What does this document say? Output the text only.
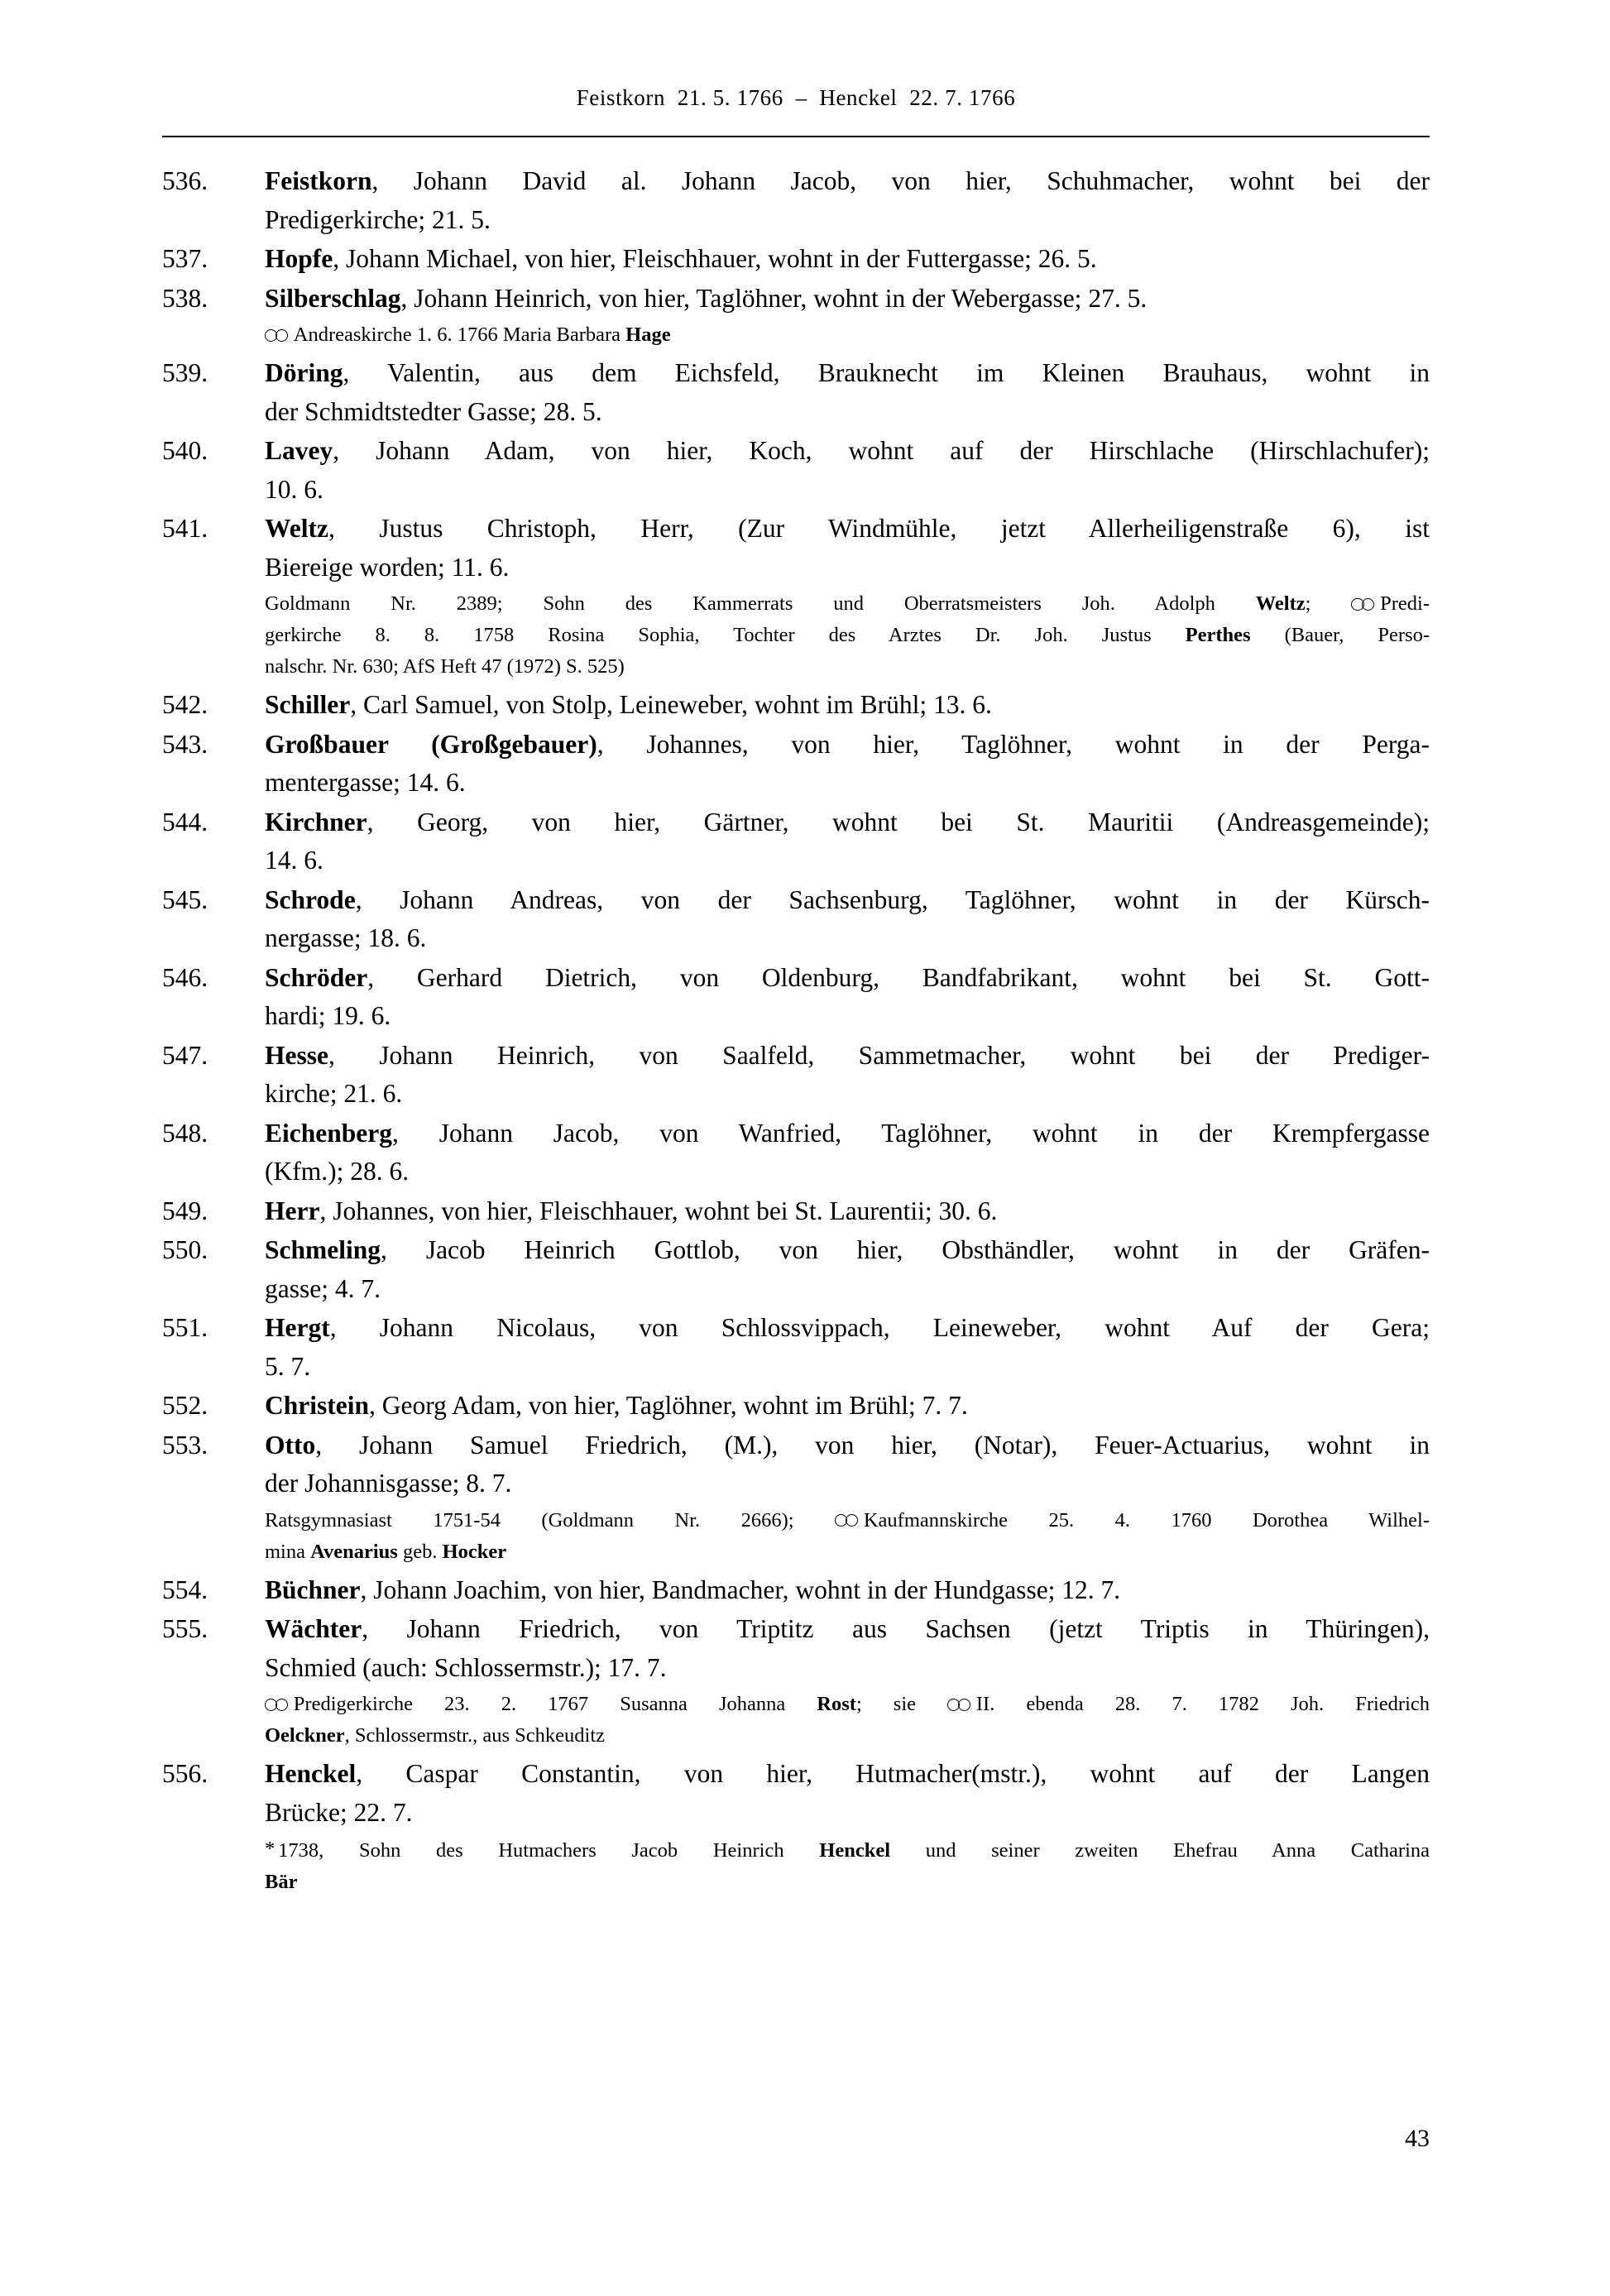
Feistkorn  21. 5. 1766  –  Henckel  22. 7. 1766
536.	Feistkorn, Johann David al. Johann Jacob, von hier, Schuhmacher, wohnt bei der
Predigerkirche; 21. 5.
537.	Hopfe, Johann Michael, von hier, Fleischhauer, wohnt in der Futtergasse; 26. 5.
538.	Silberschlag, Johann Heinrich, von hier, Taglöhner, wohnt in der Webergasse; 27. 5.
Andreaskirche 1. 6. 1766 Maria Barbara Hage
539.	Döring, Valentin, aus dem Eichsfeld, Brauknecht im Kleinen Brauhaus, wohnt in
der Schmidtstedter Gasse; 28. 5.
540.	Lavey, Johann Adam, von hier, Koch, wohnt auf der Hirschlache (Hirschlachufer);
10. 6.
541.	Weltz, Justus Christoph, Herr, (Zur Windmühle, jetzt Allerheiligenstraße 6), ist
Biereige worden; 11. 6.
Goldmann Nr. 2389; Sohn des Kammerrats und Oberratsmeisters Joh. Adolph Weltz; Predi-
gerkirche 8. 8. 1758 Rosina Sophia, Tochter des Arztes Dr. Joh. Justus Perthes (Bauer, Perso-
nalschr. Nr. 630; AfS Heft 47 (1972) S. 525)
542.	Schiller, Carl Samuel, von Stolp, Leineweber, wohnt im Brühl; 13. 6.
543.	Großbauer (Großgebauer), Johannes, von hier, Taglöhner, wohnt in der Perga-
mentergasse; 14. 6.
544.	Kirchner, Georg, von hier, Gärtner, wohnt bei St. Mauritii (Andreasgemeinde);
14. 6.
545.	Schrode, Johann Andreas, von der Sachsenburg, Taglöhner, wohnt in der Kürsch-
nergasse; 18. 6.
546.	Schröder, Gerhard Dietrich, von Oldenburg, Bandfabrikant, wohnt bei St. Gott-
hardi; 19. 6.
547.	Hesse, Johann Heinrich, von Saalfeld, Sammetmacher, wohnt bei der Prediger-
kirche; 21. 6.
548.	Eichenberg, Johann Jacob, von Wanfried, Taglöhner, wohnt in der Krempfergasse
(Kfm.); 28. 6.
549.	Herr, Johannes, von hier, Fleischhauer, wohnt bei St. Laurentii; 30. 6.
550.	Schmeling, Jacob Heinrich Gottlob, von hier, Obsthändler, wohnt in der Gräfen-
gasse; 4. 7.
551.	Hergt, Johann Nicolaus, von Schlossvippach, Leineweber, wohnt Auf der Gera;
5. 7.
552.	Christein, Georg Adam, von hier, Taglöhner, wohnt im Brühl; 7. 7.
553.	Otto, Johann Samuel Friedrich, (M.), von hier, (Notar), Feuer-Actuarius, wohnt in
der Johannisgasse; 8. 7.
Ratsgymnasiast 1751-54 (Goldmann Nr. 2666); Kaufmannskirche 25. 4. 1760 Dorothea Wilhel-
mina Avenarius geb. Hocker
554.	Büchner, Johann Joachim, von hier, Bandmacher, wohnt in der Hundgasse; 12. 7.
555.	Wächter, Johann Friedrich, von Triptitz aus Sachsen (jetzt Triptis in Thüringen),
Schmied (auch: Schlossermstr.); 17. 7.
Predigerkirche 23. 2. 1767 Susanna Johanna Rost; sie II. ebenda 28. 7. 1782 Joh. Friedrich
Oelckner, Schlossermstr., aus Schkeuditz
556.	Henckel, Caspar Constantin, von hier, Hutmacher(mstr.), wohnt auf der Langen
Brücke; 22. 7.
* 1738, Sohn des Hutmachers Jacob Heinrich Henckel und seiner zweiten Ehefrau Anna Catharina
Bär
43
